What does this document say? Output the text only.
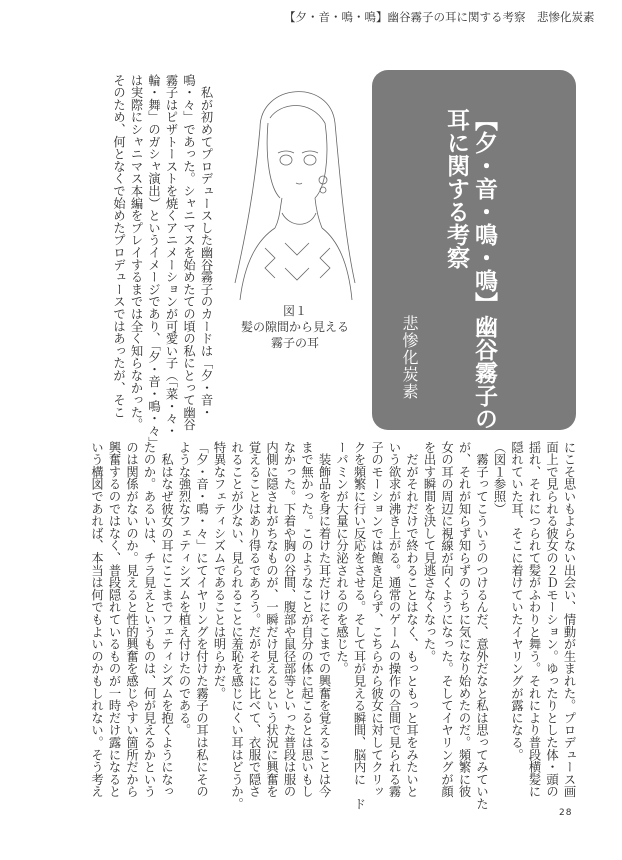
【夕・音・鳴・鳴】幽谷霧子の耳に関する考察　悲惨化炭素
　私が初めてプロデュースした幽谷霧子のカードは「夕・音・
鳴・々」であった。シャニマスを始めたての頃の私にとって幽谷
霧子はピザトーストを焼くアニメーションが可愛い子（「菜・々・
輪・舞」のガシャ演出）というイメージであり、「夕・音・鳴・々」
は実際にシャニマス本編をプレイするまでは全く知らなかった。
そのため、何となくで始めたプロデュースではあったが、そこ	図１
髪の隙間から見える
霧子の耳	【夕・音・鳴・鳴】幽谷霧子の
耳に関する考察
悲惨化炭素
にこそ思いもよらない出会い、情動が生まれた。プロデュース画
面上で見られる彼女の２Ｄモーション。ゆったりとした体・頭の
揺れ、それにつられて髪がふわりと舞う。それにより普段横髪に
隠れていた耳、そこに着けていたイヤリングが露になる。
（図１参照）
　霧子ってこういうのつけるんだ、意外だなと私は思ってみていた
が、それが知らず知らずのうちに気になり始めたのだ。頻繁に彼
女の耳の周辺に視線が向くようになった。そしてイヤリングが顔
を出す瞬間を決して見逃さなくなった。
　だがそれだけで終わることはなく、もっともっと耳をみたいと
いう欲求が沸き上がる。通常のゲームの操作の合間で見られる霧
子のモーションでは飽き足らず、こちらから彼女に対してクリッ
クを頻繁に行い反応をさせる。そして耳が見える瞬間、脳内に　ド
ーパミンが大量に分泌されるのを感じた。
　装飾品を身に着けた耳だけにそこまでの興奮を覚えることは今
まで無かった。このようなことが自分の体に起こるとは思いもし
なかった。下着や胸の谷間、腹部や鼠径部等といった普段は服の
内側に隠されがちなものが、一瞬だけ見えるという状況に興奮を
覚えることはあり得るであろう。だがそれに比べて、衣服で隠さ
れることが少ない、見られることに羞恥を感じにくい耳はどうか。
特異なフェティシズムであることは明らかだ。
「夕・音・鳴・々」にてイヤリングを付けた霧子の耳は私にその
ような強烈なフェティシズムを植え付けたのである。
　私はなぜ彼女の耳にここまでフェティシズムを抱くようになっ
たのか。あるいは、チラ見えというものは、何が見えるかという
のは関係がないのか。見えると性的興奮を感じやすい箇所だから
興奮するのではなく、普段隠れているものが一時だけ露になると
いう構図であれば、本当は何でもよいのかもしれない。そう考え
28
